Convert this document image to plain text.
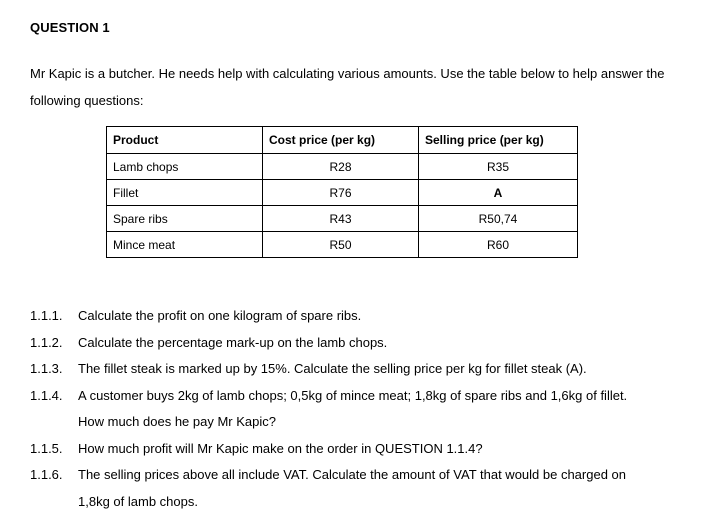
QUESTION 1
Mr Kapic is a butcher. He needs help with calculating various amounts. Use the table below to help answer the following questions:
Product	Cost price (per kg)	Selling price (per kg)
Lamb chops	R28	R35
Fillet	R76	A
Spare ribs	R43	R50,74
Mince meat	R50	R60
1.1.1.	Calculate the profit on one kilogram of spare ribs.
1.1.2.	Calculate the percentage mark-up on the lamb chops.
1.1.3.	The fillet steak is marked up by 15%. Calculate the selling price per kg for fillet steak (A).
1.1.4.	A customer buys 2kg of lamb chops; 0,5kg of mince meat; 1,8kg of spare ribs and 1,6kg of fillet.
How much does he pay Mr Kapic?
1.1.5.	How much profit will Mr Kapic make on the order in QUESTION 1.1.4?
1.1.6.	The selling prices above all include VAT. Calculate the amount of VAT that would be charged on
1,8kg of lamb chops.
